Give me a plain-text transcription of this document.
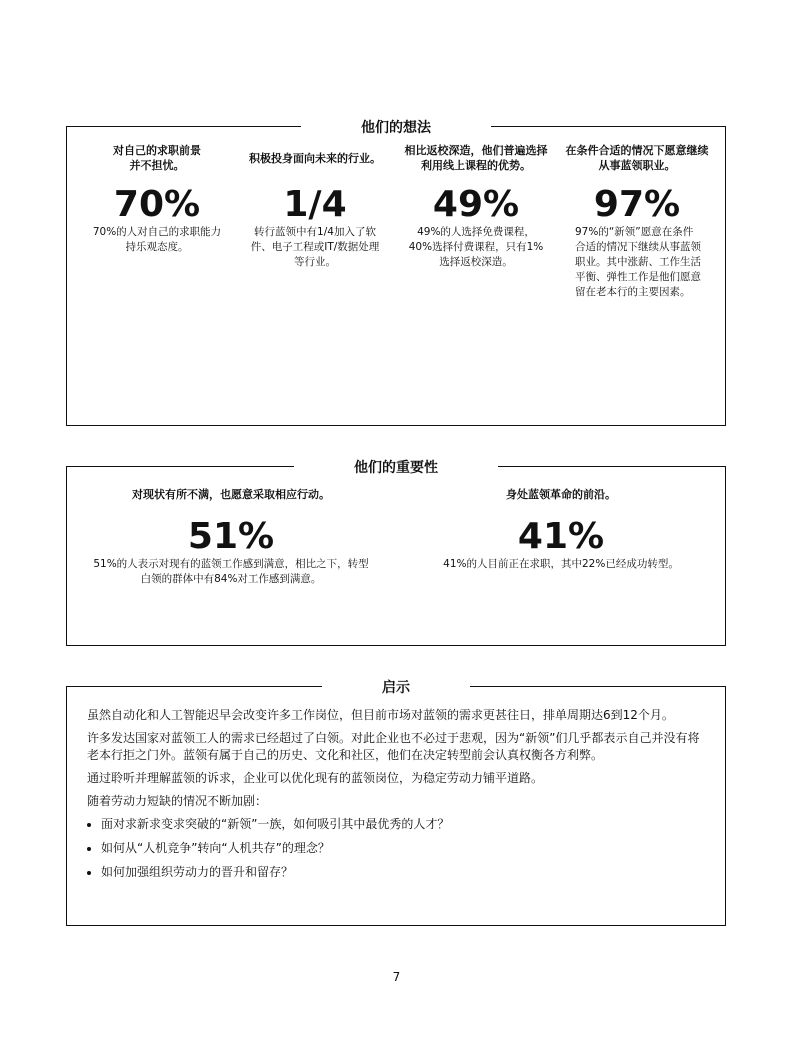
他们的想法
对自己的求职前景
并不担忧。
70%
70%的人对自己的求职能力持乐观态度。
积极投身面向未来的行业。
1/4
转行蓝领中有1/4加入了软件、电子工程或IT/数据处理等行业。
相比返校深造，他们普遍选择利用线上课程的优势。
49%
49%的人选择免费课程，40%选择付费课程，只有1%选择返校深造。
在条件合适的情况下愿意继续从事蓝领职业。
97%
97%的“新领”愿意在条件合适的情况下继续从事蓝领职业。其中涨薪、工作生活平衡、弹性工作是他们愿意留在老本行的主要因素。
他们的重要性
对现状有所不满，也愿意采取相应行动。
51%
51%的人表示对现有的蓝领工作感到满意，相比之下，转型白领的群体中有84%对工作感到满意。
身处蓝领革命的前沿。
41%
41%的人目前正在求职，其中22%已经成功转型。
启示

虽然自动化和人工智能迟早会改变许多工作岗位，但目前市场对蓝领的需求更甚往日，排单周期达6到12个月。

许多发达国家对蓝领工人的需求已经超过了白领。对此企业也不必过于悲观，因为“新领”们几乎都表示自己并没有将老本行拒之门外。蓝领有属于自己的历史、文化和社区，他们在决定转型前会认真权衡各方利弊。

通过聆听并理解蓝领的诉求，企业可以优化现有的蓝领岗位，为稳定劳动力铺平道路。

随着劳动力短缺的情况不断加剧：

• 面对求新求变求突破的“新领”一族，如何吸引其中最优秀的人才？
• 如何从“人机竞争”转向“人机共存”的理念？
• 如何加强组织劳动力的晋升和留存？
7
